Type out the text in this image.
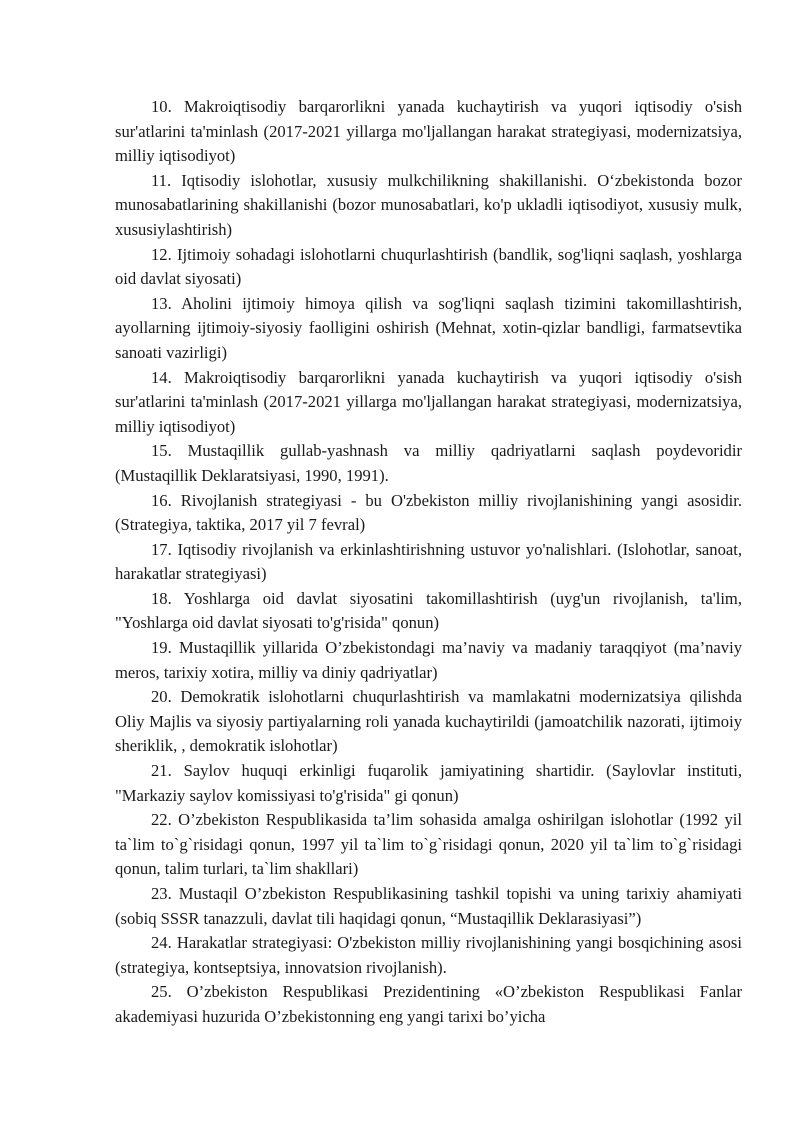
10. Makroiqtisodiy barqarorlikni yanada kuchaytirish va yuqori iqtisodiy o'sish sur'atlarini ta'minlash (2017-2021 yillarga mo'ljallangan harakat strategiyasi, modernizatsiya, milliy iqtisodiyot)

11. Iqtisodiy islohotlar, xususiy mulkchilikning shakillanishi. O‘zbekistonda bozor munosabatlarining shakillanishi (bozor munosabatlari, ko'p ukladli iqtisodiyot, xususiy mulk, xususiylashtirish)

12. Ijtimoiy sohadagi islohotlarni chuqurlashtirish (bandlik, sog'liqni saqlash, yoshlarga oid davlat siyosati)

13. Aholini ijtimoiy himoya qilish va sog'liqni saqlash tizimini takomillashtirish, ayollarning ijtimoiy-siyosiy faolligini oshirish (Mehnat, xotin-qizlar bandligi, farmatsevtika sanoati vazirligi)

14. Makroiqtisodiy barqarorlikni yanada kuchaytirish va yuqori iqtisodiy o'sish sur'atlarini ta'minlash (2017-2021 yillarga mo'ljallangan harakat strategiyasi, modernizatsiya, milliy iqtisodiyot)

15. Mustaqillik gullab-yashnash va milliy qadriyatlarni saqlash poydevoridir (Mustaqillik Deklaratsiyasi, 1990, 1991).

16. Rivojlanish strategiyasi - bu O'zbekiston milliy rivojlanishining yangi asosidir. (Strategiya, taktika, 2017 yil 7 fevral)

17. Iqtisodiy rivojlanish va erkinlashtirishning ustuvor yo'nalishlari. (Islohotlar, sanoat, harakatlar strategiyasi)

18. Yoshlarga oid davlat siyosatini takomillashtirish (uyg'un rivojlanish, ta'lim, "Yoshlarga oid davlat siyosati to'g'risida" qonun)

19. Mustaqillik yillarida O’zbekistondagi ma’naviy va madaniy taraqqiyot (ma’naviy meros, tarixiy xotira, milliy va diniy qadriyatlar)

20. Demokratik islohotlarni chuqurlashtirish va mamlakatni modernizatsiya qilishda Oliy Majlis va siyosiy partiyalarning roli yanada kuchaytirildi (jamoatchilik nazorati, ijtimoiy sheriklik, , demokratik islohotlar)

21. Saylov huquqi erkinligi fuqarolik jamiyatining shartidir. (Saylovlar instituti, "Markaziy saylov komissiyasi to'g'risida" gi qonun)

22. O’zbekiston Respublikasida ta’lim sohasida amalga oshirilgan islohotlar (1992 yil ta`lim to`g`risidagi qonun, 1997 yil ta`lim to`g`risidagi qonun, 2020 yil ta`lim to`g`risidagi qonun, talim turlari, ta`lim shakllari)

23. Mustaqil O’zbekiston Respublikasining tashkil topishi va uning tarixiy ahamiyati (sobiq SSSR tanazzuli, davlat tili haqidagi qonun, “Mustaqillik Deklarasiyasi”)

24. Harakatlar strategiyasi: O'zbekiston milliy rivojlanishining yangi bosqichining asosi (strategiya, kontseptsiya, innovatsion rivojlanish).

25. O’zbekiston Respublikasi Prezidentining «O’zbekiston Respublikasi Fanlar akademiyasi huzurida O’zbekistonning eng yangi tarixi bo’yicha
